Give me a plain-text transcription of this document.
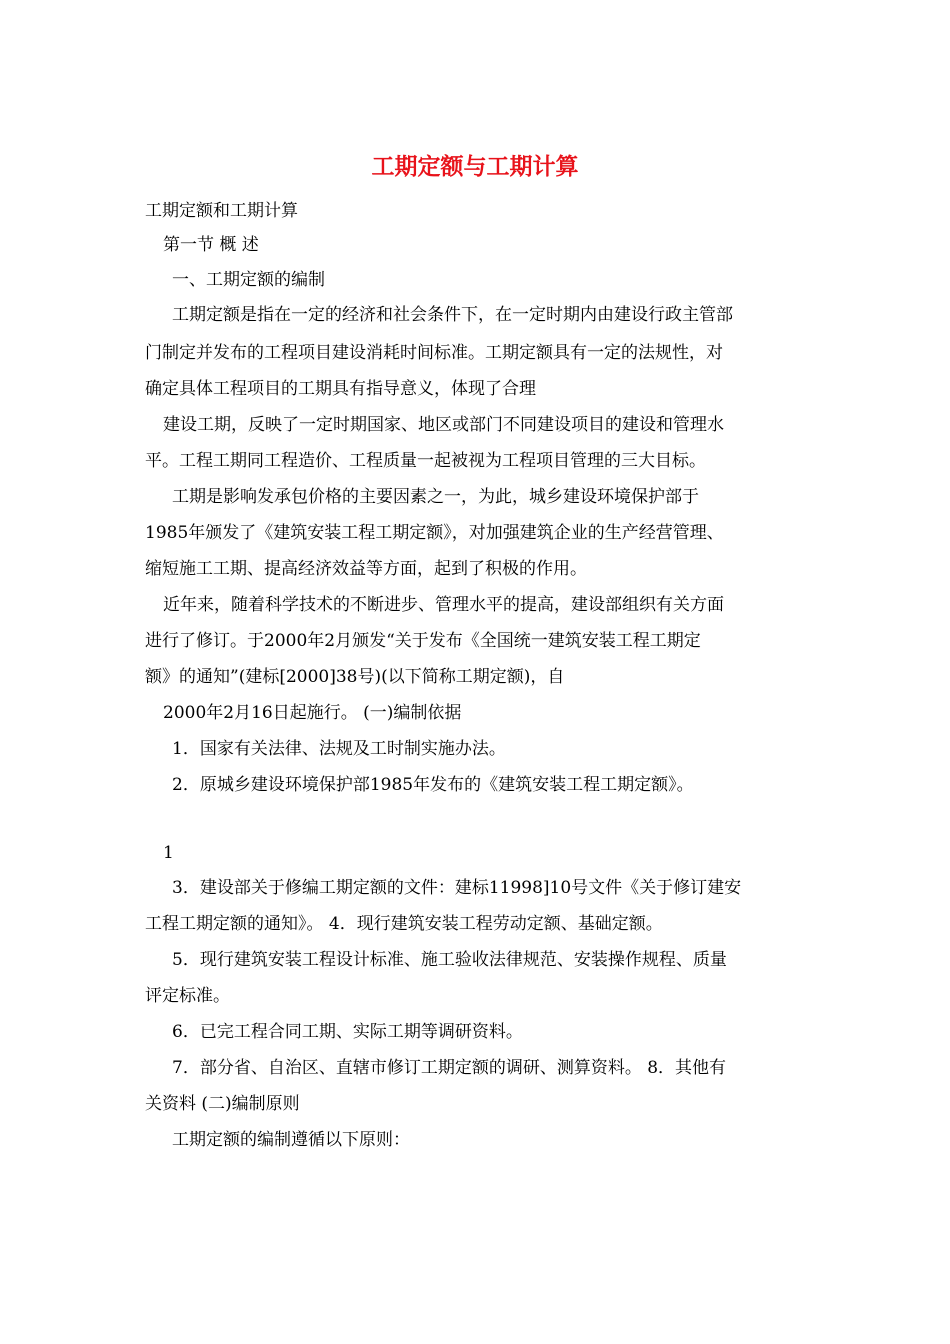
工期定额与工期计算
工期定额和工期计算
第一节 概 述
一、工期定额的编制
工期定额是指在一定的经济和社会条件下，在一定时期内由建设行政主管部
门制定并发布的工程项目建设消耗时间标准。工期定额具有一定的法规性，对
确定具体工程项目的工期具有指导意义，体现了合理
建设工期，反映了一定时期国家、地区或部门不同建设项目的建设和管理水
平。工程工期同工程造价、工程质量一起被视为工程项目管理的三大目标。
工期是影响发承包价格的主要因素之一，为此，城乡建设环境保护部于
1985年颁发了《建筑安装工程工期定额》，对加强建筑企业的生产经营管理、
缩短施工工期、提高经济效益等方面，起到了积极的作用。
近年来，随着科学技术的不断进步、管理水平的提高，建设部组织有关方面
进行了修订。于2000年2月颁发“关于发布《全国统一建筑安装工程工期定
额》的通知”(建标[2000]38号)(以下简称工期定额)，自
2000年2月16日起施行。 (一)编制依据
1．国家有关法律、法规及工时制实施办法。
2．原城乡建设环境保护部1985年发布的《建筑安装工程工期定额》。
1
3．建设部关于修编工期定额的文件：建标11998]10号文件《关于修订建安
工程工期定额的通知》。 4．现行建筑安装工程劳动定额、基础定额。
5．现行建筑安装工程设计标准、施工验收法律规范、安装操作规程、质量
评定标准。
6．已完工程合同工期、实际工期等调研资料。
7．部分省、自治区、直辖市修订工期定额的调研、测算资料。 8．其他有
关资料 (二)编制原则
工期定额的编制遵循以下原则：
